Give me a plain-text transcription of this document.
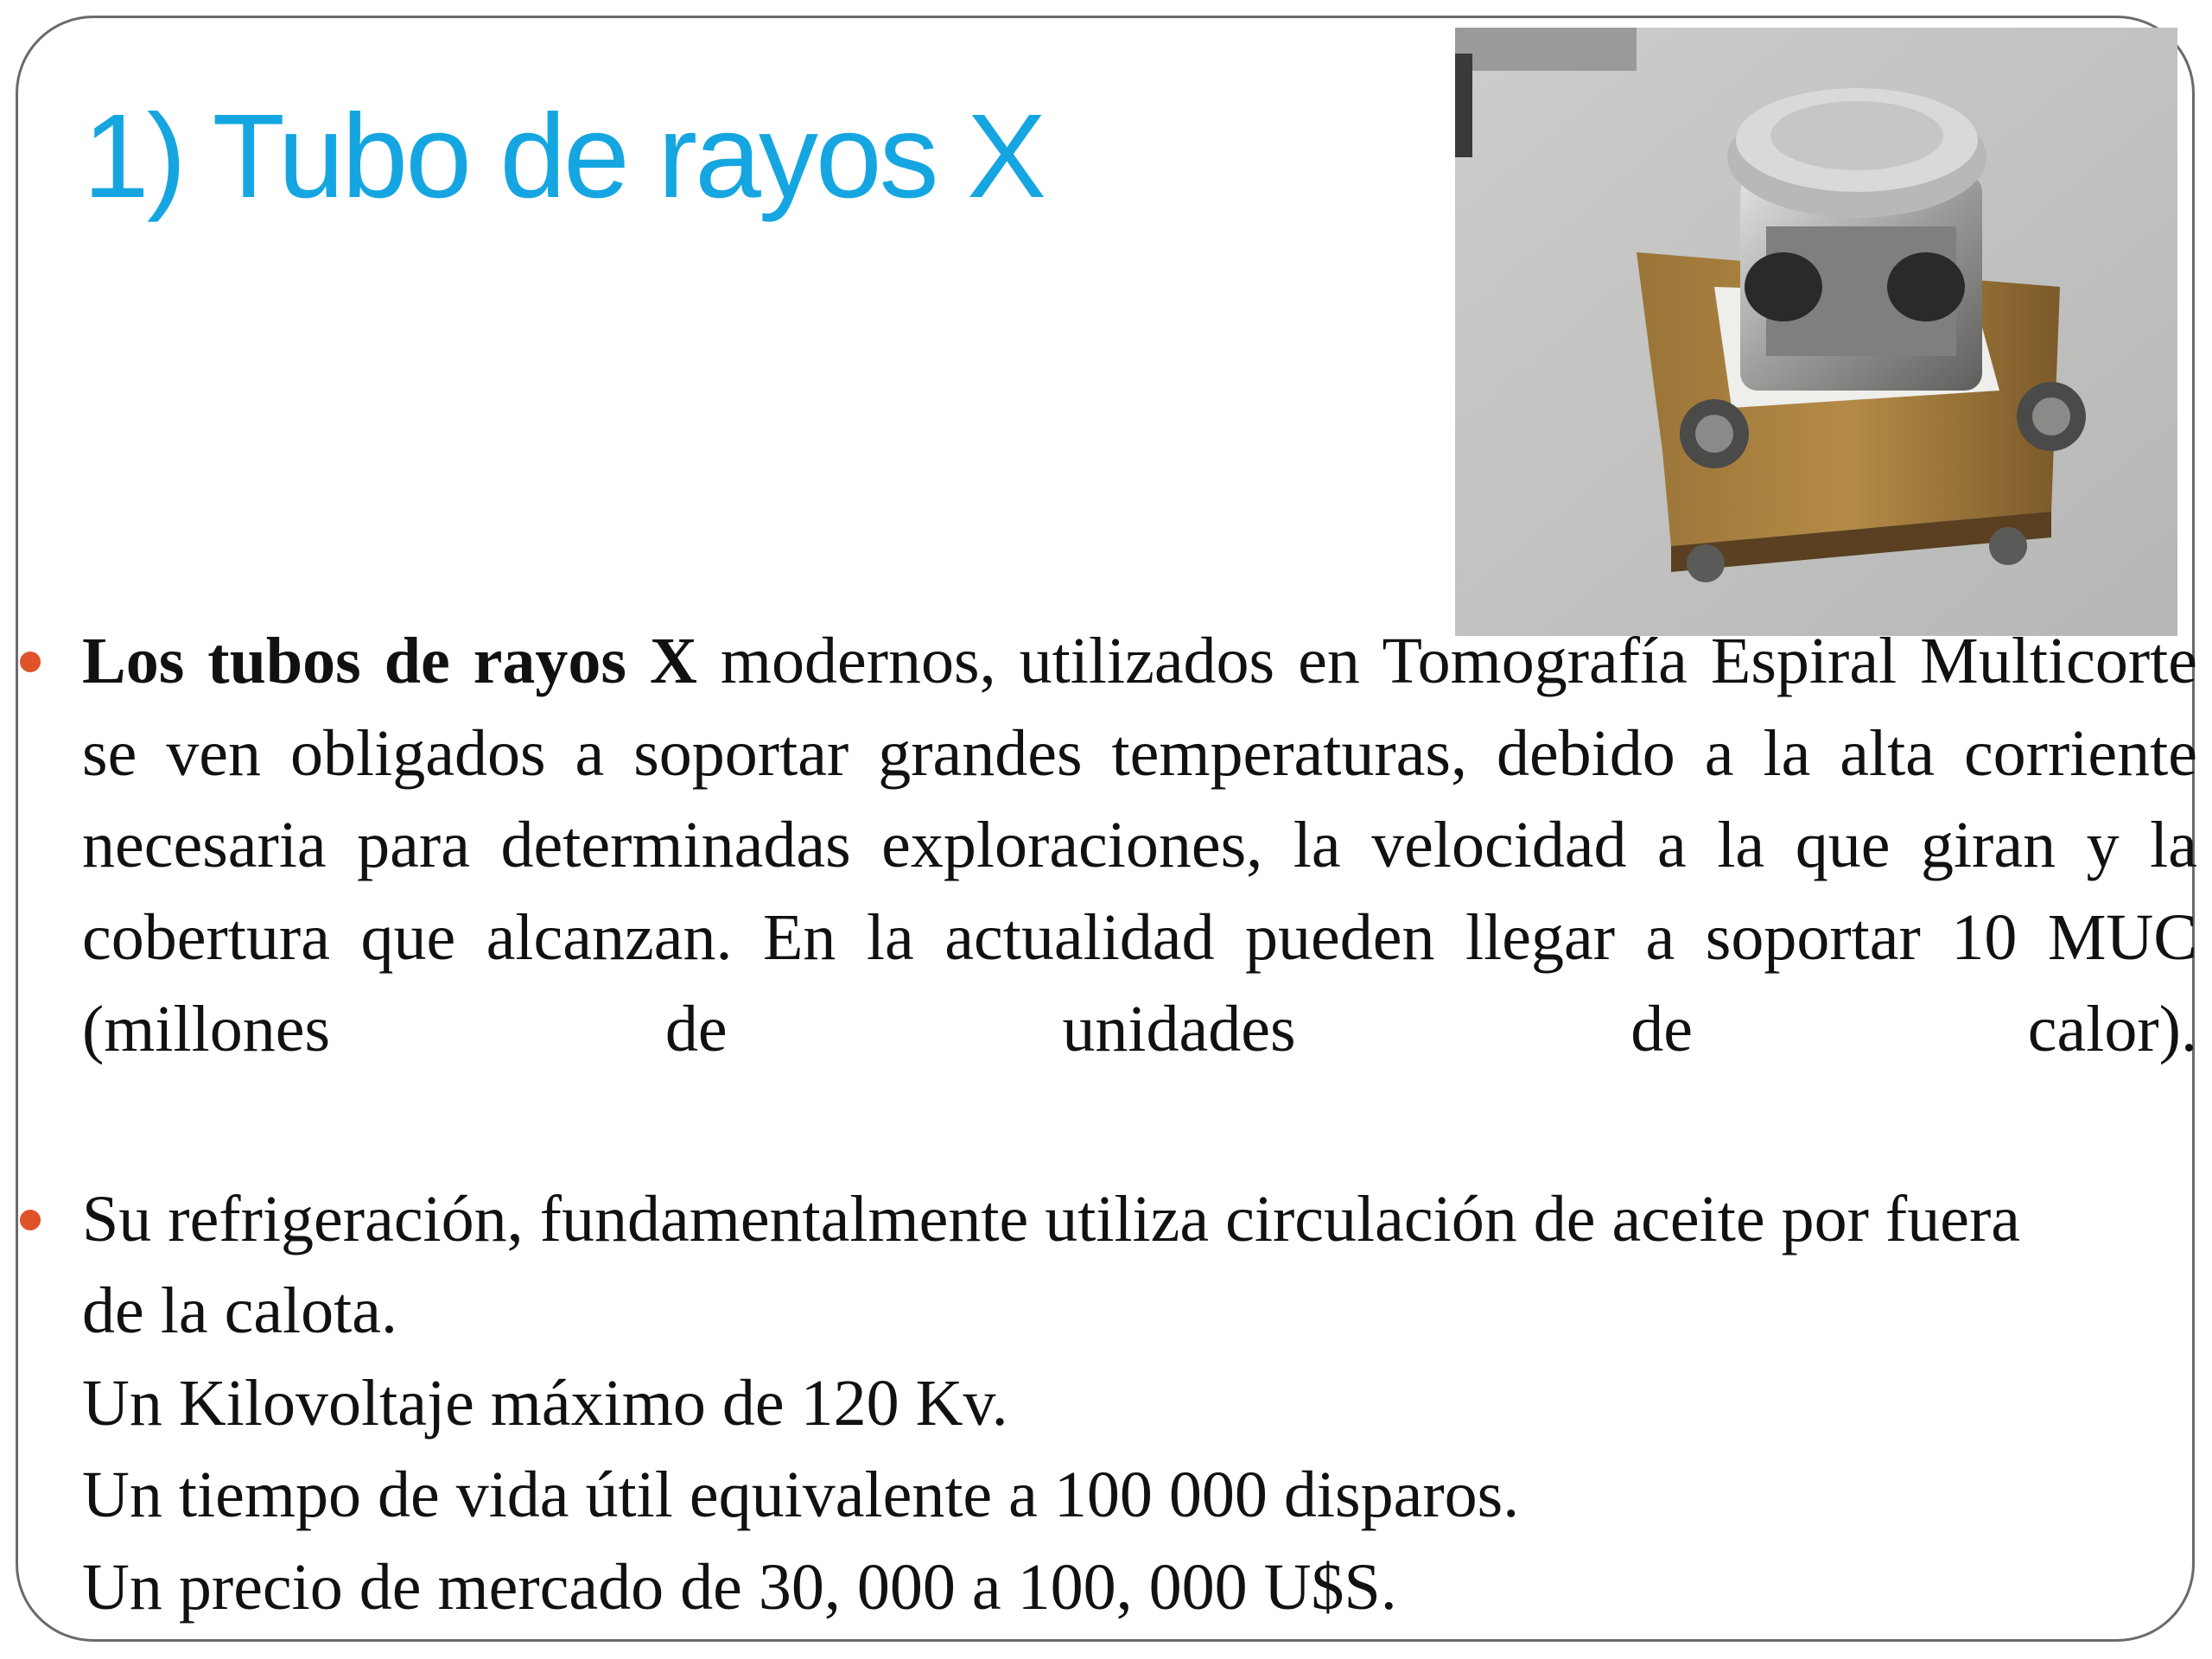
1) Tubo de rayos X
Los tubos de rayos X modernos, utilizados en Tomografía Espiral Multicorte se ven obligados a soportar grandes temperaturas, debido a la alta corriente necesaria para determinadas exploraciones, la velocidad a la que giran y la cobertura que alcanzan. En la actualidad pueden llegar a soportar 10 MUC (millones de unidades de calor).
Su refrigeración, fundamentalmente utiliza circulación de aceite por fuera
de la calota.
Un Kilovoltaje máximo de 120 Kv.
Un tiempo de vida útil equivalente a 100 000 disparos.
Un precio de mercado de 30, 000 a 100, 000 U$S.
